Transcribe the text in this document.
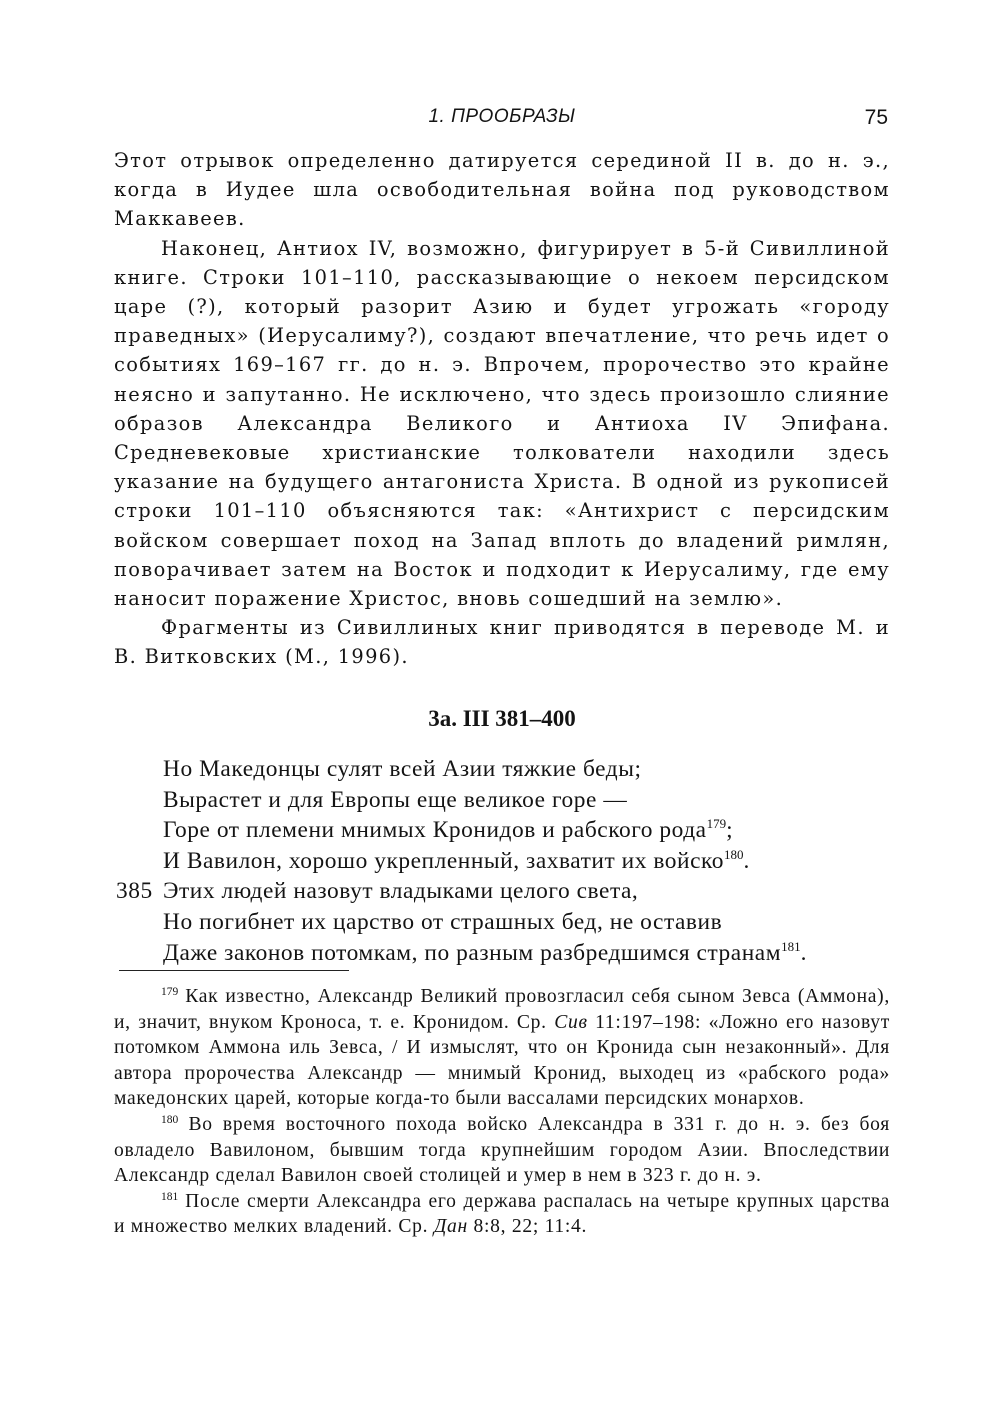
1. ПРООБРАЗЫ	75

Этот отрывок определенно датируется серединой II в. до н. э., когда в Иудее шла освободительная война под руководством Маккавеев.

Наконец, Антиох IV, возможно, фигурирует в 5-й Сивиллиной книге. Строки 101–110, рассказывающие о некоем персидском царе (?), который разорит Азию и будет угрожать «городу праведных» (Иерусалиму?), создают впечатление, что речь идет о событиях 169–167 гг. до н. э. Впрочем, пророчество это крайне неясно и запутанно. Не исключено, что здесь произошло слияние образов Александра Великого и Антиоха IV Эпифана. Средневековые христианские толкователи находили здесь указание на будущего антагониста Христа. В одной из рукописей строки 101–110 объясняются так: «Антихрист с персидским войском совершает поход на Запад вплоть до владений римлян, поворачивает затем на Восток и подходит к Иерусалиму, где ему наносит поражение Христос, вновь сошедший на землю».

Фрагменты из Сивиллиных книг приводятся в переводе М. и В. Витковских (М., 1996).

3a. III 381–400
Но Македонцы сулят всей Азии тяжкие беды;
Вырастет и для Европы еще великое горе —
Горе от племени мнимых Кронидов и рабского рода$^{179}$;
И Вавилон, хорошо укрепленный, захватит их войско$^{180}$.
385 Этих людей назовут владыками целого света,
Но погибнет их царство от страшных бед, не оставив
Даже законов потомкам, по разным разбредшимся странам$^{181}$.

$^{179}$ Как известно, Александр Великий провозгласил себя сыном Зевса (Аммона), и, значит, внуком Кроноса, т. е. Кронидом. Ср. Сив 11:197–198: «Ложно его назовут потомком Аммона иль Зевса, / И измыслят, что он Кронида сын незаконный». Для автора пророчества Александр — мнимый Кронид, выходец из «рабского рода» македонских царей, которые когда-то были вассалами персидских монархов.

$^{180}$ Во время восточного похода войско Александра в 331 г. до н. э. без боя овладело Вавилоном, бывшим тогда крупнейшим городом Азии. Впоследствии Александр сделал Вавилон своей столицей и умер в нем в 323 г. до н. э.

$^{181}$ После смерти Александра его держава распалась на четыре крупных царства и множество мелких владений. Ср. Дан 8:8, 22; 11:4.
